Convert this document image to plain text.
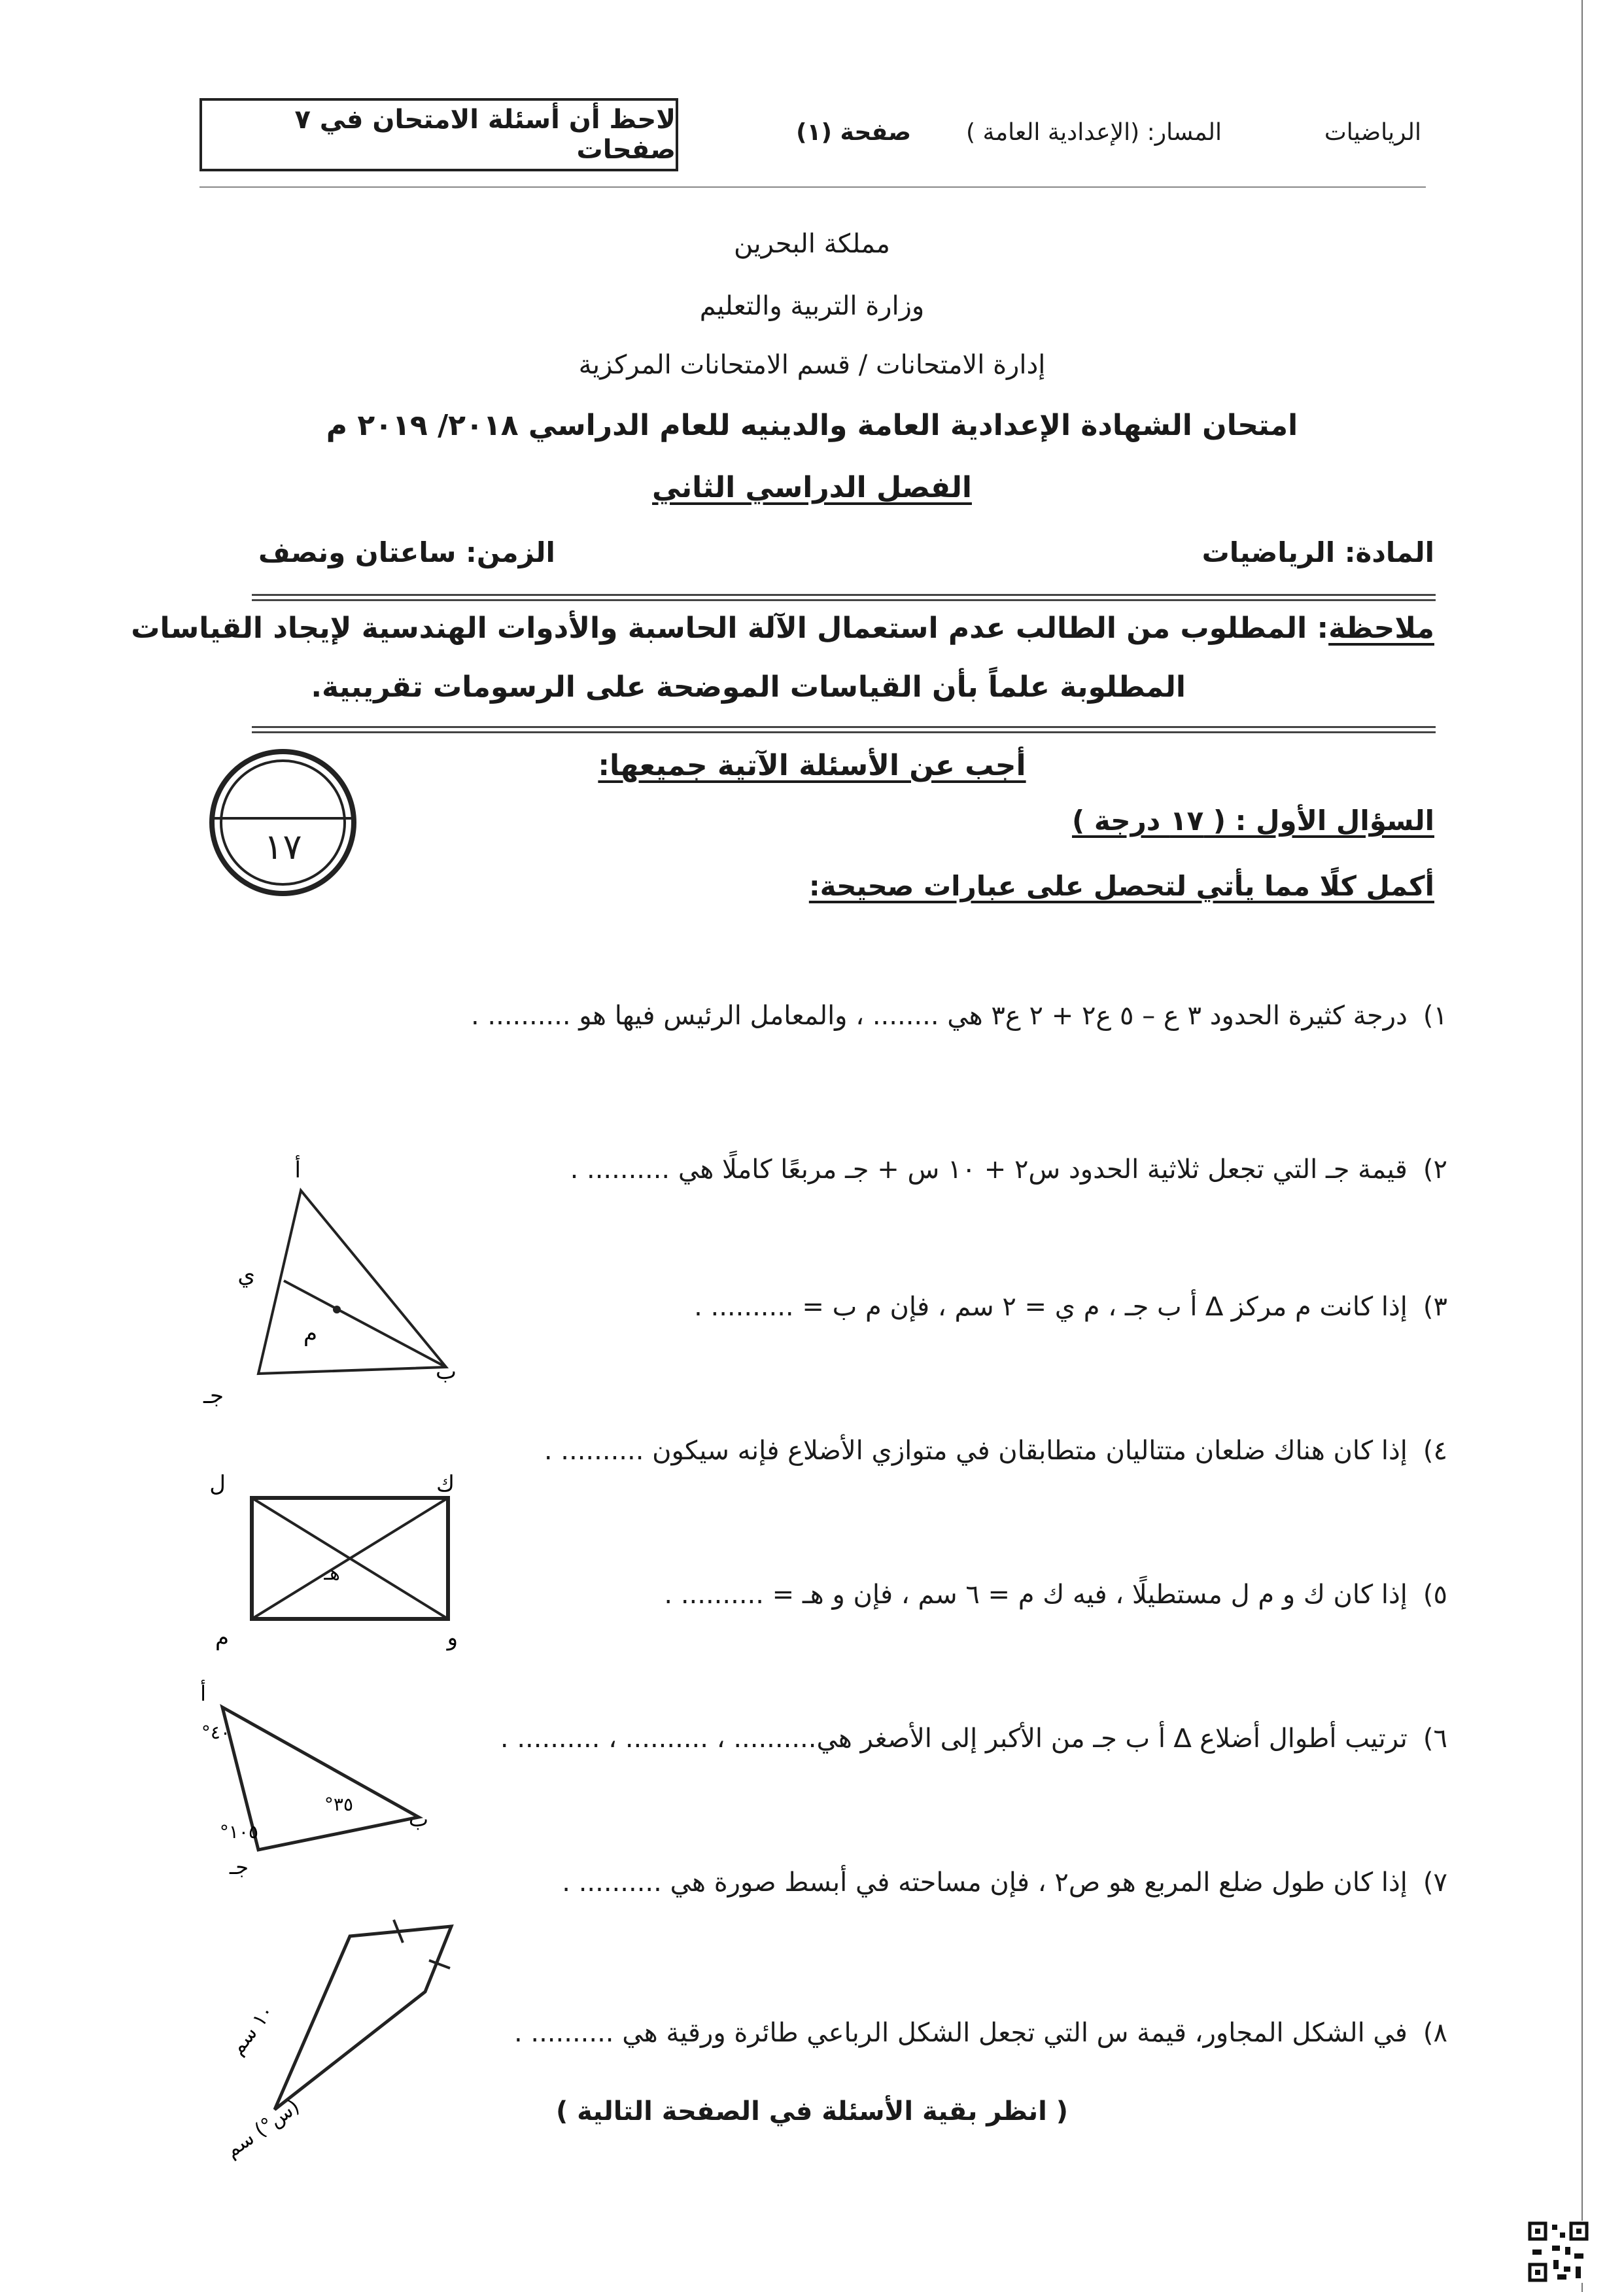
الرياضيات
المسار: (الإعدادية العامة )
صفحة (١)
لاحظ أن أسئلة الامتحان في ٧ صفحات
مملكة البحرين
وزارة التربية والتعليم
إدارة الامتحانات / قسم الامتحانات المركزية
امتحان الشهادة الإعدادية العامة والدينيه للعام الدراسي ٢٠١٨/ ٢٠١٩ م
الفصل الدراسي الثاني
المادة: الرياضيات
الزمن: ساعتان ونصف
ملاحظة: المطلوب من الطالب عدم استعمال الآلة الحاسبة والأدوات الهندسية لإيجاد القياسات
المطلوبة علماً بأن القياسات الموضحة على الرسومات تقريبية.
أجب عن الأسئلة الآتية جميعها:
السؤال الأول : ( ١٧ درجة )
أكمل كلًا مما يأتي لتحصل على عبارات صحيحة:
١٧
١)درجة كثيرة الحدود ٣ ع – ٥ ع٢ + ٢ ع٣ هي ........ ، والمعامل الرئيس فيها هو .......... .
٢)قيمة جـ التي تجعل ثلاثية الحدود س٢ + ١٠ س + جـ مربعًا كاملًا هي .......... .
٣)إذا كانت م مركز ∆ أ ب جـ ، م ي = ٢ سم ، فإن م ب = .......... .
٤)إذا كان هناك ضلعان متتاليان متطابقان في متوازي الأضلاع فإنه سيكون .......... .
٥)إذا كان ك و م ل مستطيلًا ، فيه ك م = ٦ سم ، فإن و هـ = .......... .
٦)ترتيب أطوال أضلاع ∆ أ ب جـ من الأكبر إلى الأصغر هي.......... ، .......... ، .......... .
٧)إذا كان طول ضلع المربع هو ص٢ ، فإن مساحته في أبسط صورة هي .......... .
٨)في الشكل المجاور، قيمة س التي تجعل الشكل الرباعي طائرة ورقية هي .......... .
أ
ب
جـ
ي
م
ك
ل
و
م
هـ
أ
ب
جـ
٤٠°
٣٥°
١٠٥°
١٠ سم
(س°) سم	( انظر بقية الأسئلة في الصفحة التالية )
